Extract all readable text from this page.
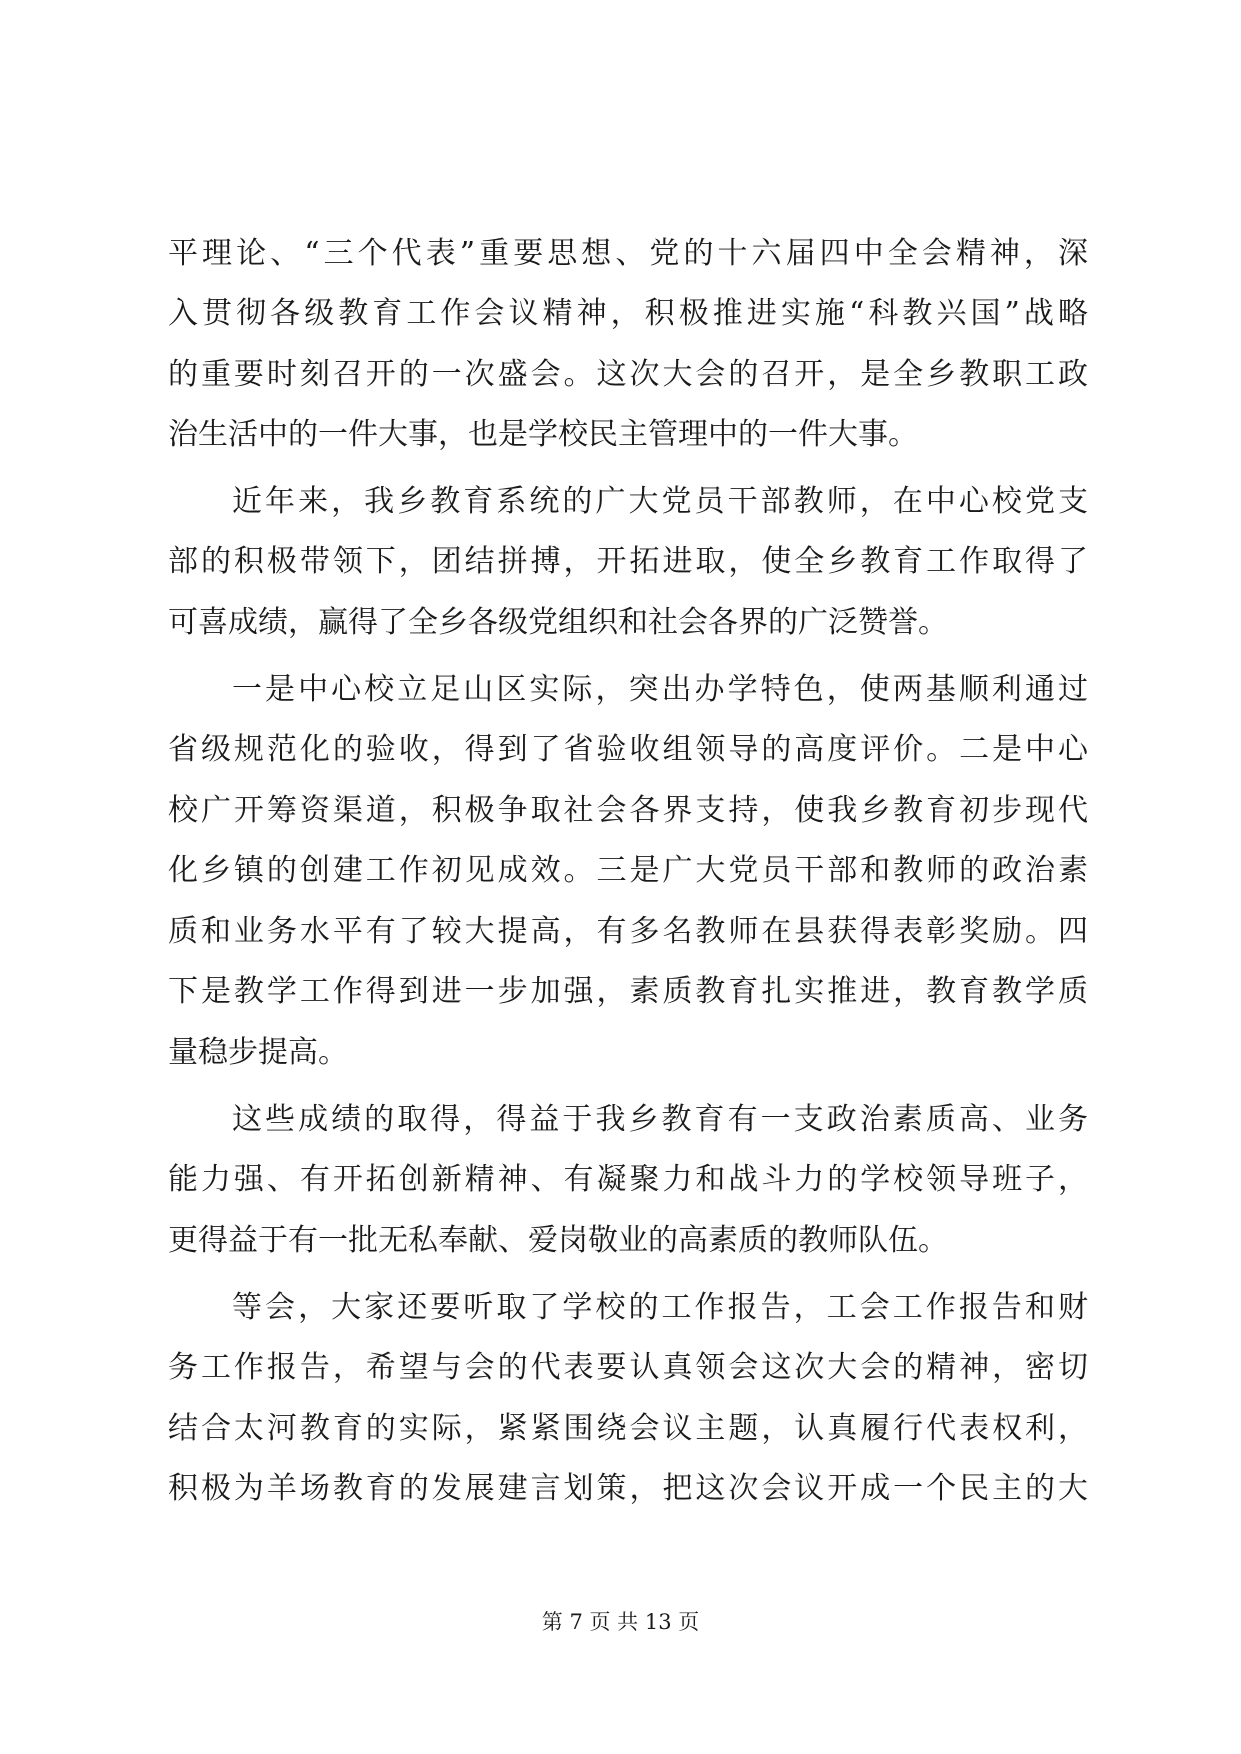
平理论、“三个代表”重要思想、党的十六届四中全会精神，深
入贯彻各级教育工作会议精神，积极推进实施“科教兴国”战略
的重要时刻召开的一次盛会。这次大会的召开，是全乡教职工政
治生活中的一件大事，也是学校民主管理中的一件大事。
近年来，我乡教育系统的广大党员干部教师，在中心校党支
部的积极带领下，团结拼搏，开拓进取，使全乡教育工作取得了
可喜成绩，赢得了全乡各级党组织和社会各界的广泛赞誉。
一是中心校立足山区实际，突出办学特色，使两基顺利通过
省级规范化的验收，得到了省验收组领导的高度评价。二是中心
校广开筹资渠道，积极争取社会各界支持，使我乡教育初步现代
化乡镇的创建工作初见成效。三是广大党员干部和教师的政治素
质和业务水平有了较大提高，有多名教师在县获得表彰奖励。四
下是教学工作得到进一步加强，素质教育扎实推进，教育教学质
量稳步提高。
这些成绩的取得，得益于我乡教育有一支政治素质高、业务
能力强、有开拓创新精神、有凝聚力和战斗力的学校领导班子，
更得益于有一批无私奉献、爱岗敬业的高素质的教师队伍。
等会，大家还要听取了学校的工作报告，工会工作报告和财
务工作报告，希望与会的代表要认真领会这次大会的精神，密切
结合太河教育的实际，紧紧围绕会议主题，认真履行代表权利，
积极为羊场教育的发展建言划策，把这次会议开成一个民主的大
第 7 页 共 13 页
